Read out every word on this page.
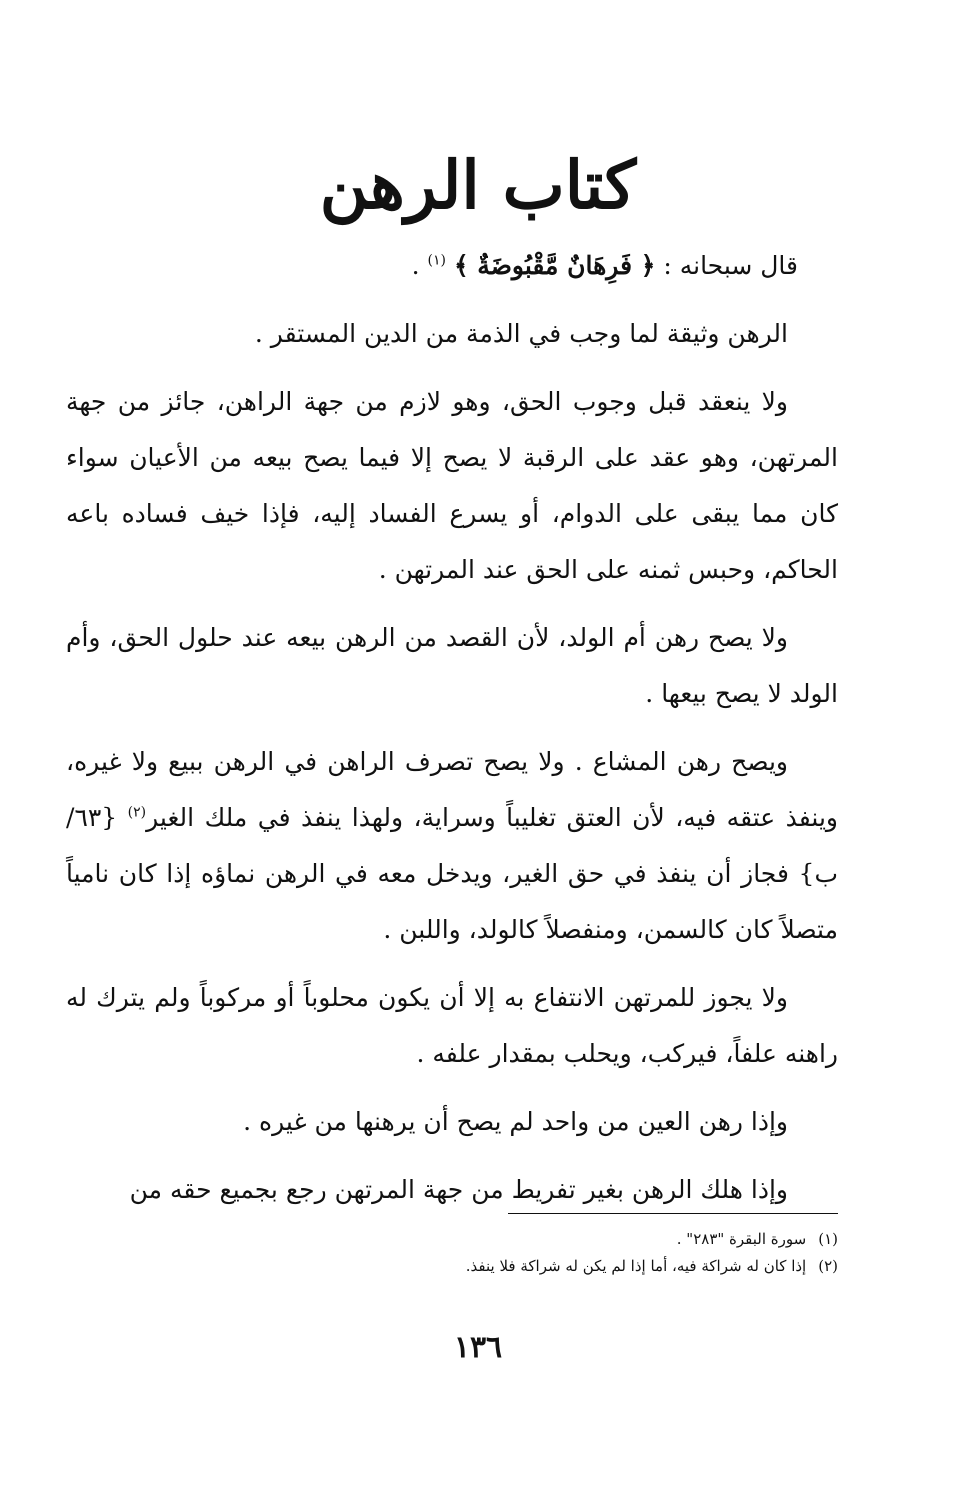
كتاب الرهن

قال سبحانه : ﴿ فَرِهَانٌ مَّقْبُوضَةٌ ﴾ $^{(١)}$ .

الرهن وثيقة لما وجب في الذمة من الدين المستقر .

ولا ينعقد قبل وجوب الحق، وهو لازم من جهة الراهن، جائز من جهة المرتهن، وهو عقد على الرقبة لا يصح إلا فيما يصح بيعه من الأعيان سواء كان مما يبقى على الدوام، أو يسرع الفساد إليه، فإذا خيف فساده باعه الحاكم، وحبس ثمنه على الحق عند المرتهن .

ولا يصح رهن أم الولد، لأن القصد من الرهن بيعه عند حلول الحق، وأم الولد لا يصح بيعها .

ويصح رهن المشاع . ولا يصح تصرف الراهن في الرهن ببيع ولا غيره، وينفذ عتقه فيه، لأن العتق تغليباً وسراية، ولهذا ينفذ في ملك الغير$^{(٢)}$ {٦٣/ ب} فجاز أن ينفذ في حق الغير، ويدخل معه في الرهن نماؤه إذا كان نامياً متصلاً كان كالسمن، ومنفصلاً كالولد، واللبن .

ولا يجوز للمرتهن الانتفاع به إلا أن يكون محلوباً أو مركوباً ولم يترك له راهنه علفاً، فيركب، ويحلب بمقدار علفه .

وإذا رهن العين من واحد لم يصح أن يرهنها من غيره .

وإذا هلك الرهن بغير تفريط من جهة المرتهن رجع بجميع حقه من

(١)سورة البقرة "٢٨٣" .

(٢)إذا كان له شراكة فيه، أما إذا لم يكن له شراكة فلا ينفذ.

١٣٦
